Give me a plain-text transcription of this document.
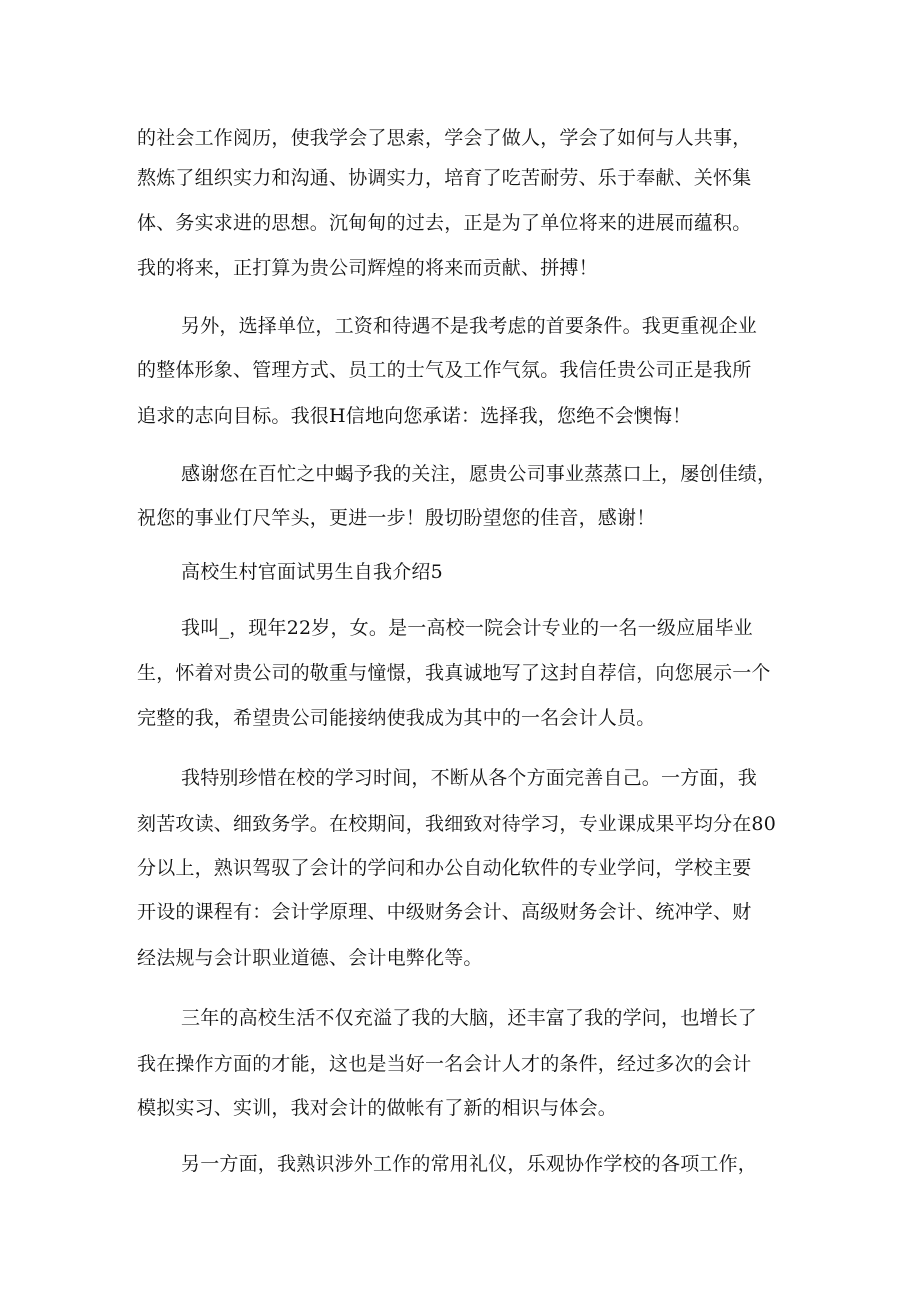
的社会工作阅历，使我学会了思索，学会了做人，学会了如何与人共事，
熬炼了组织实力和沟通、协调实力，培育了吃苦耐劳、乐于奉献、关怀集
体、务实求进的思想。沉甸甸的过去，正是为了单位将来的进展而蕴积。
我的将来，正打算为贵公司辉煌的将来而贡献、拼搏！
另外，选择单位，工资和待遇不是我考虑的首要条件。我更重视企业
的整体形象、管理方式、员工的士气及工作气氛。我信任贵公司正是我所
追求的志向目标。我很H信地向您承诺：选择我，您绝不会懊悔！
感谢您在百忙之中蝎予我的关注，愿贵公司事业蒸蒸口上，屡创佳绩，
祝您的事业仃尺竿头，更进一步！殷切盼望您的佳音，感谢！
高校生村官面试男生自我介绍5
我叫_，现年22岁，女。是一高校一院会计专业的一名一级应届毕业
生，怀着对贵公司的敬重与憧憬，我真诚地写了这封自荐信，向您展示一个
完整的我，希望贵公司能接纳使我成为其中的一名会计人员。
我特别珍惜在校的学习时间，不断从各个方面完善自己。一方面，我
刻苦攻读、细致务学。在校期间，我细致对待学习，专业课成果平均分在80
分以上，熟识驾驭了会计的学问和办公自动化软件的专业学问，学校主要
开设的课程有：会计学原理、中级财务会计、高级财务会计、统冲学、财
经法规与会计职业道德、会计电弊化等。
三年的高校生活不仅充溢了我的大脑，还丰富了我的学问，也增长了
我在操作方面的才能，这也是当好一名会计人才的条件，经过多次的会计
模拟实习、实训，我对会计的做帐有了新的相识与体会。
另一方面，我熟识涉外工作的常用礼仪，乐观协作学校的各项工作，
